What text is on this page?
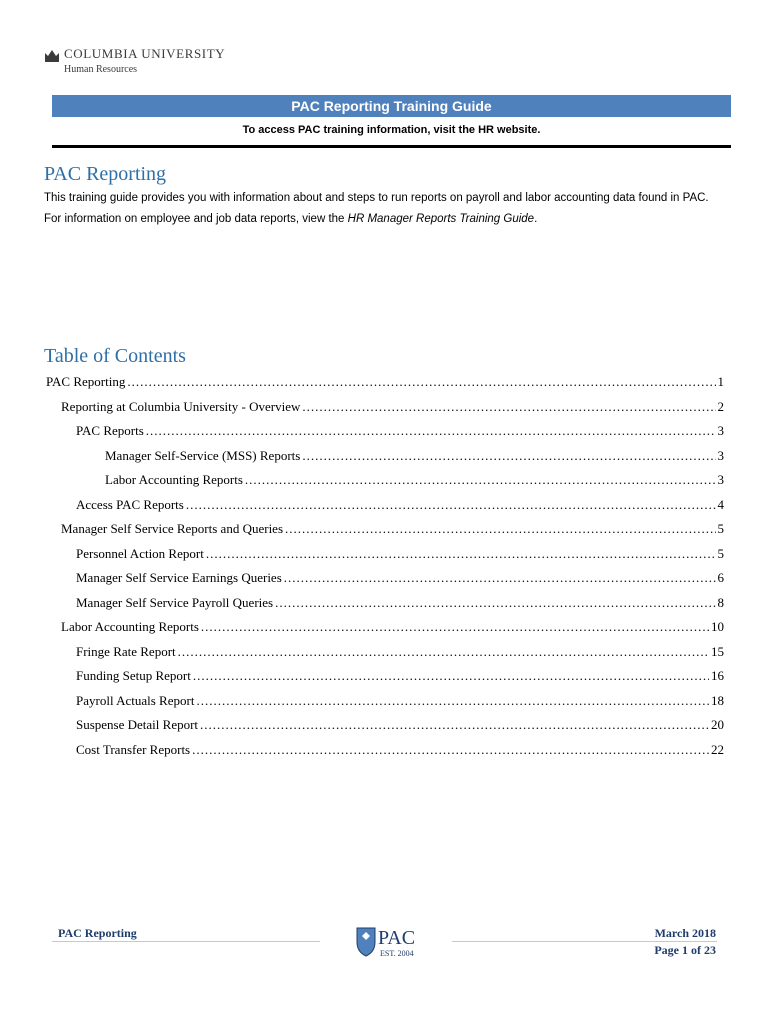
COLUMBIA UNIVERSITY
Human Resources
PAC Reporting Training Guide
To access PAC training information, visit the HR website.
PAC Reporting
This training guide provides you with information about and steps to run reports on payroll and labor accounting data found in PAC. For information on employee and job data reports, view the HR Manager Reports Training Guide.
Table of Contents
PAC Reporting .....	1
Reporting at Columbia University - Overview .....	2
PAC Reports .....	3
Manager Self-Service (MSS) Reports .....	3
Labor Accounting Reports .....	3
Access PAC Reports .....	4
Manager Self Service Reports and Queries .....	5
Personnel Action Report .....	5
Manager Self Service Earnings Queries .....	6
Manager Self Service Payroll Queries .....	8
Labor Accounting Reports .....	10
Fringe Rate Report .....	15
Funding Setup Report .....	16
Payroll Actuals Report .....	18
Suspense Detail Report .....	20
Cost Transfer Reports .....	22
PAC Reporting	PAC
EST. 2004
March 2018
Page 1 of 23
